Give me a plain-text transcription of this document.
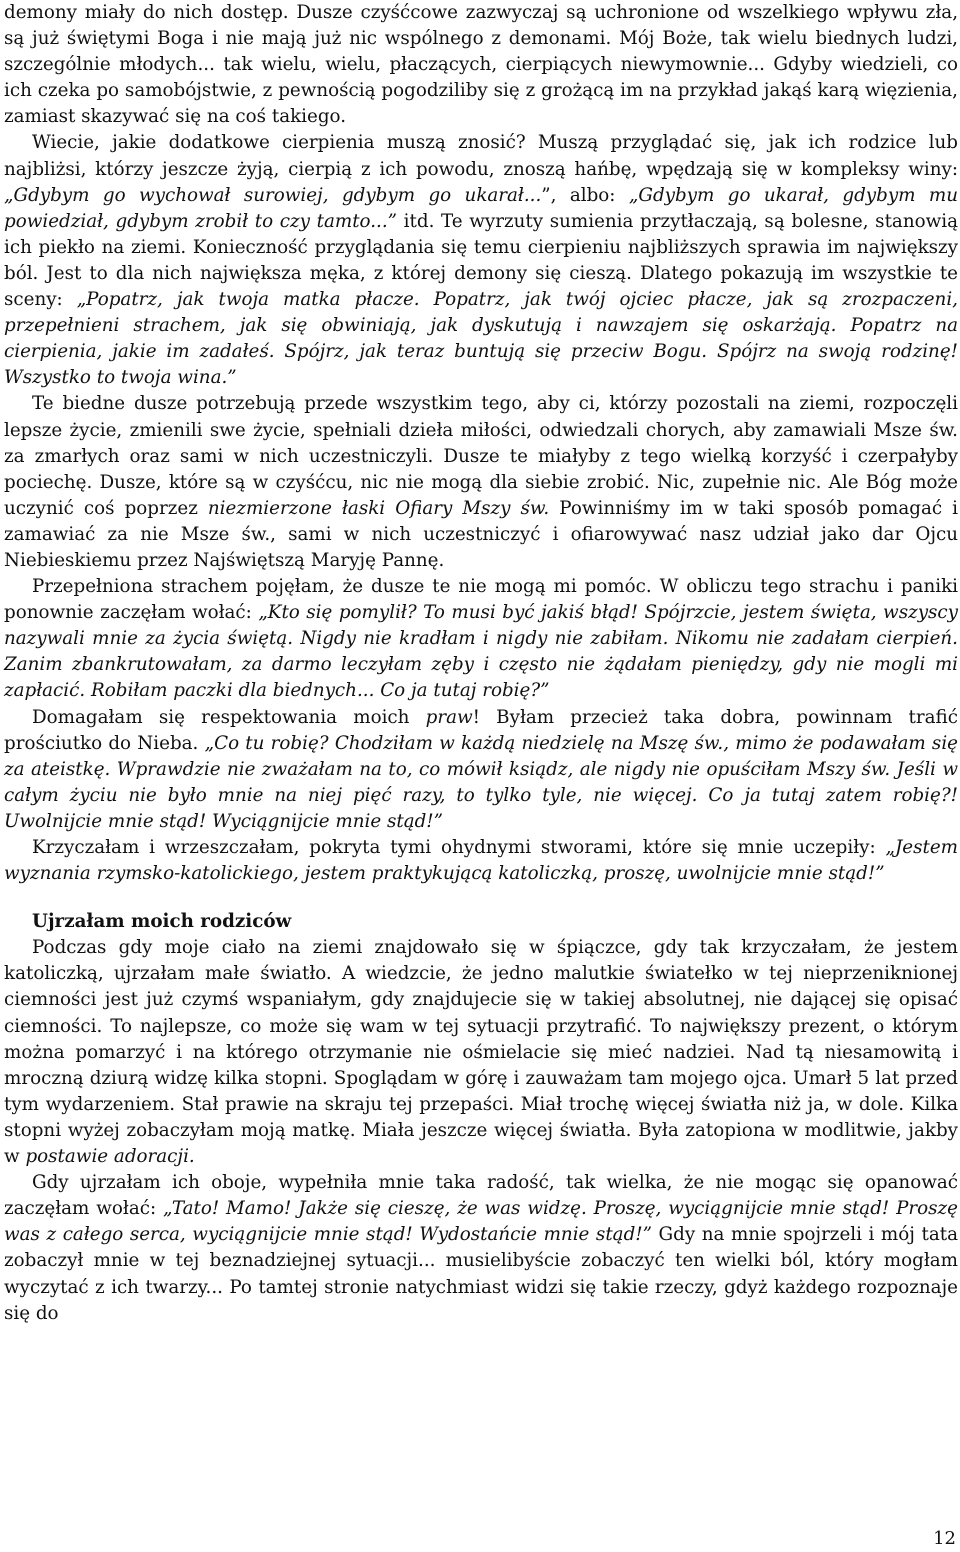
demony miały do nich dostęp. Dusze czyśćcowe zazwyczaj są uchronione od wszelkiego wpływu zła, są już świętymi Boga i nie mają już nic wspólnego z demonami. Mój Boże, tak wielu biednych ludzi, szczególnie młodych... tak wielu, wielu, płaczących, cierpiących niewymownie... Gdyby wiedzieli, co ich czeka po samobójstwie, z pewnością pogodziliby się z grożącą im na przykład jakąś karą więzienia, zamiast skazywać się na coś takiego.

Wiecie, jakie dodatkowe cierpienia muszą znosić? Muszą przyglądać się, jak ich rodzice lub najbliżsi, którzy jeszcze żyją, cierpią z ich powodu, znoszą hańbę, wpędzają się w kompleksy winy: „Gdybym go wychował surowiej, gdybym go ukarał...”, albo: „Gdybym go ukarał, gdybym mu powiedział, gdybym zrobił to czy tamto...” itd. Te wyrzuty sumienia przytłaczają, są bolesne, stanowią ich piekło na ziemi. Konieczność przyglądania się temu cierpieniu najbliższych sprawia im największy ból. Jest to dla nich największa męka, z której demony się cieszą. Dlatego pokazują im wszystkie te sceny: „Popatrz, jak twoja matka płacze. Popatrz, jak twój ojciec płacze, jak są zrozpaczeni, przepełnieni strachem, jak się obwiniają, jak dyskutują i nawzajem się oskarżają. Popatrz na cierpienia, jakie im zadałeś. Spójrz, jak teraz buntują się przeciw Bogu. Spójrz na swoją rodzinę! Wszystko to twoja wina.”

Te biedne dusze potrzebują przede wszystkim tego, aby ci, którzy pozostali na ziemi, rozpoczęli lepsze życie, zmienili swe życie, spełniali dzieła miłości, odwiedzali chorych, aby zamawiali Msze św. za zmarłych oraz sami w nich uczestniczyli. Dusze te miałyby z tego wielką korzyść i czerpałyby pociechę. Dusze, które są w czyśćcu, nic nie mogą dla siebie zrobić. Nic, zupełnie nic. Ale Bóg może uczynić coś poprzez niezmierzone łaski Ofiary Mszy św. Powinniśmy im w taki sposób pomagać i zamawiać za nie Msze św., sami w nich uczestniczyć i ofiarowywać nasz udział jako dar Ojcu Niebieskiemu przez Najświętszą Maryję Pannę.

Przepełniona strachem pojęłam, że dusze te nie mogą mi pomóc. W obliczu tego strachu i paniki ponownie zaczęłam wołać: „Kto się pomylił? To musi być jakiś błąd! Spójrzcie, jestem święta, wszyscy nazywali mnie za życia świętą. Nigdy nie kradłam i nigdy nie zabiłam. Nikomu nie zadałam cierpień. Zanim zbankrutowałam, za darmo leczyłam zęby i często nie żądałam pieniędzy, gdy nie mogli mi zapłacić. Robiłam paczki dla biednych... Co ja tutaj robię?”

Domagałam się respektowania moich praw! Byłam przecież taka dobra, powinnam trafić prościutko do Nieba. „Co tu robię? Chodziłam w każdą niedzielę na Mszę św., mimo że podawałam się za ateistkę. Wprawdzie nie zważałam na to, co mówił ksiądz, ale nigdy nie opuściłam Mszy św. Jeśli w całym życiu nie było mnie na niej pięć razy, to tylko tyle, nie więcej. Co ja tutaj zatem robię?! Uwolnijcie mnie stąd! Wyciągnijcie mnie stąd!”

Krzyczałam i wrzeszczałam, pokryta tymi ohydnymi stworami, które się mnie uczepiły: „Jestem wyznania rzymsko-katolickiego, jestem praktykującą katoliczką, proszę, uwolnijcie mnie stąd!”

Ujrzałam moich rodziców

Podczas gdy moje ciało na ziemi znajdowało się w śpiączce, gdy tak krzyczałam, że jestem katoliczką, ujrzałam małe światło. A wiedzcie, że jedno malutkie światełko w tej nieprzeniknionej ciemności jest już czymś wspaniałym, gdy znajdujecie się w takiej absolutnej, nie dającej się opisać ciemności. To najlepsze, co może się wam w tej sytuacji przytrafić. To największy prezent, o którym można pomarzyć i na którego otrzymanie nie ośmielacie się mieć nadziei. Nad tą niesamowitą i mroczną dziurą widzę kilka stopni. Spoglądam w górę i zauważam tam mojego ojca. Umarł 5 lat przed tym wydarzeniem. Stał prawie na skraju tej przepaści. Miał trochę więcej światła niż ja, w dole. Kilka stopni wyżej zobaczyłam moją matkę. Miała jeszcze więcej światła. Była zatopiona w modlitwie, jakby w postawie adoracji.

Gdy ujrzałam ich oboje, wypełniła mnie taka radość, tak wielka, że nie mogąc się opanować zaczęłam wołać: „Tato! Mamo! Jakże się cieszę, że was widzę. Proszę, wyciągnijcie mnie stąd! Proszę was z całego serca, wyciągnijcie mnie stąd! Wydostańcie mnie stąd!” Gdy na mnie spojrzeli i mój tata zobaczył mnie w tej beznadziejnej sytuacji... musielibyście zobaczyć ten wielki ból, który mogłam wyczytać z ich twarzy... Po tamtej stronie natychmiast widzi się takie rzeczy, gdyż każdego rozpoznaje się do

12
